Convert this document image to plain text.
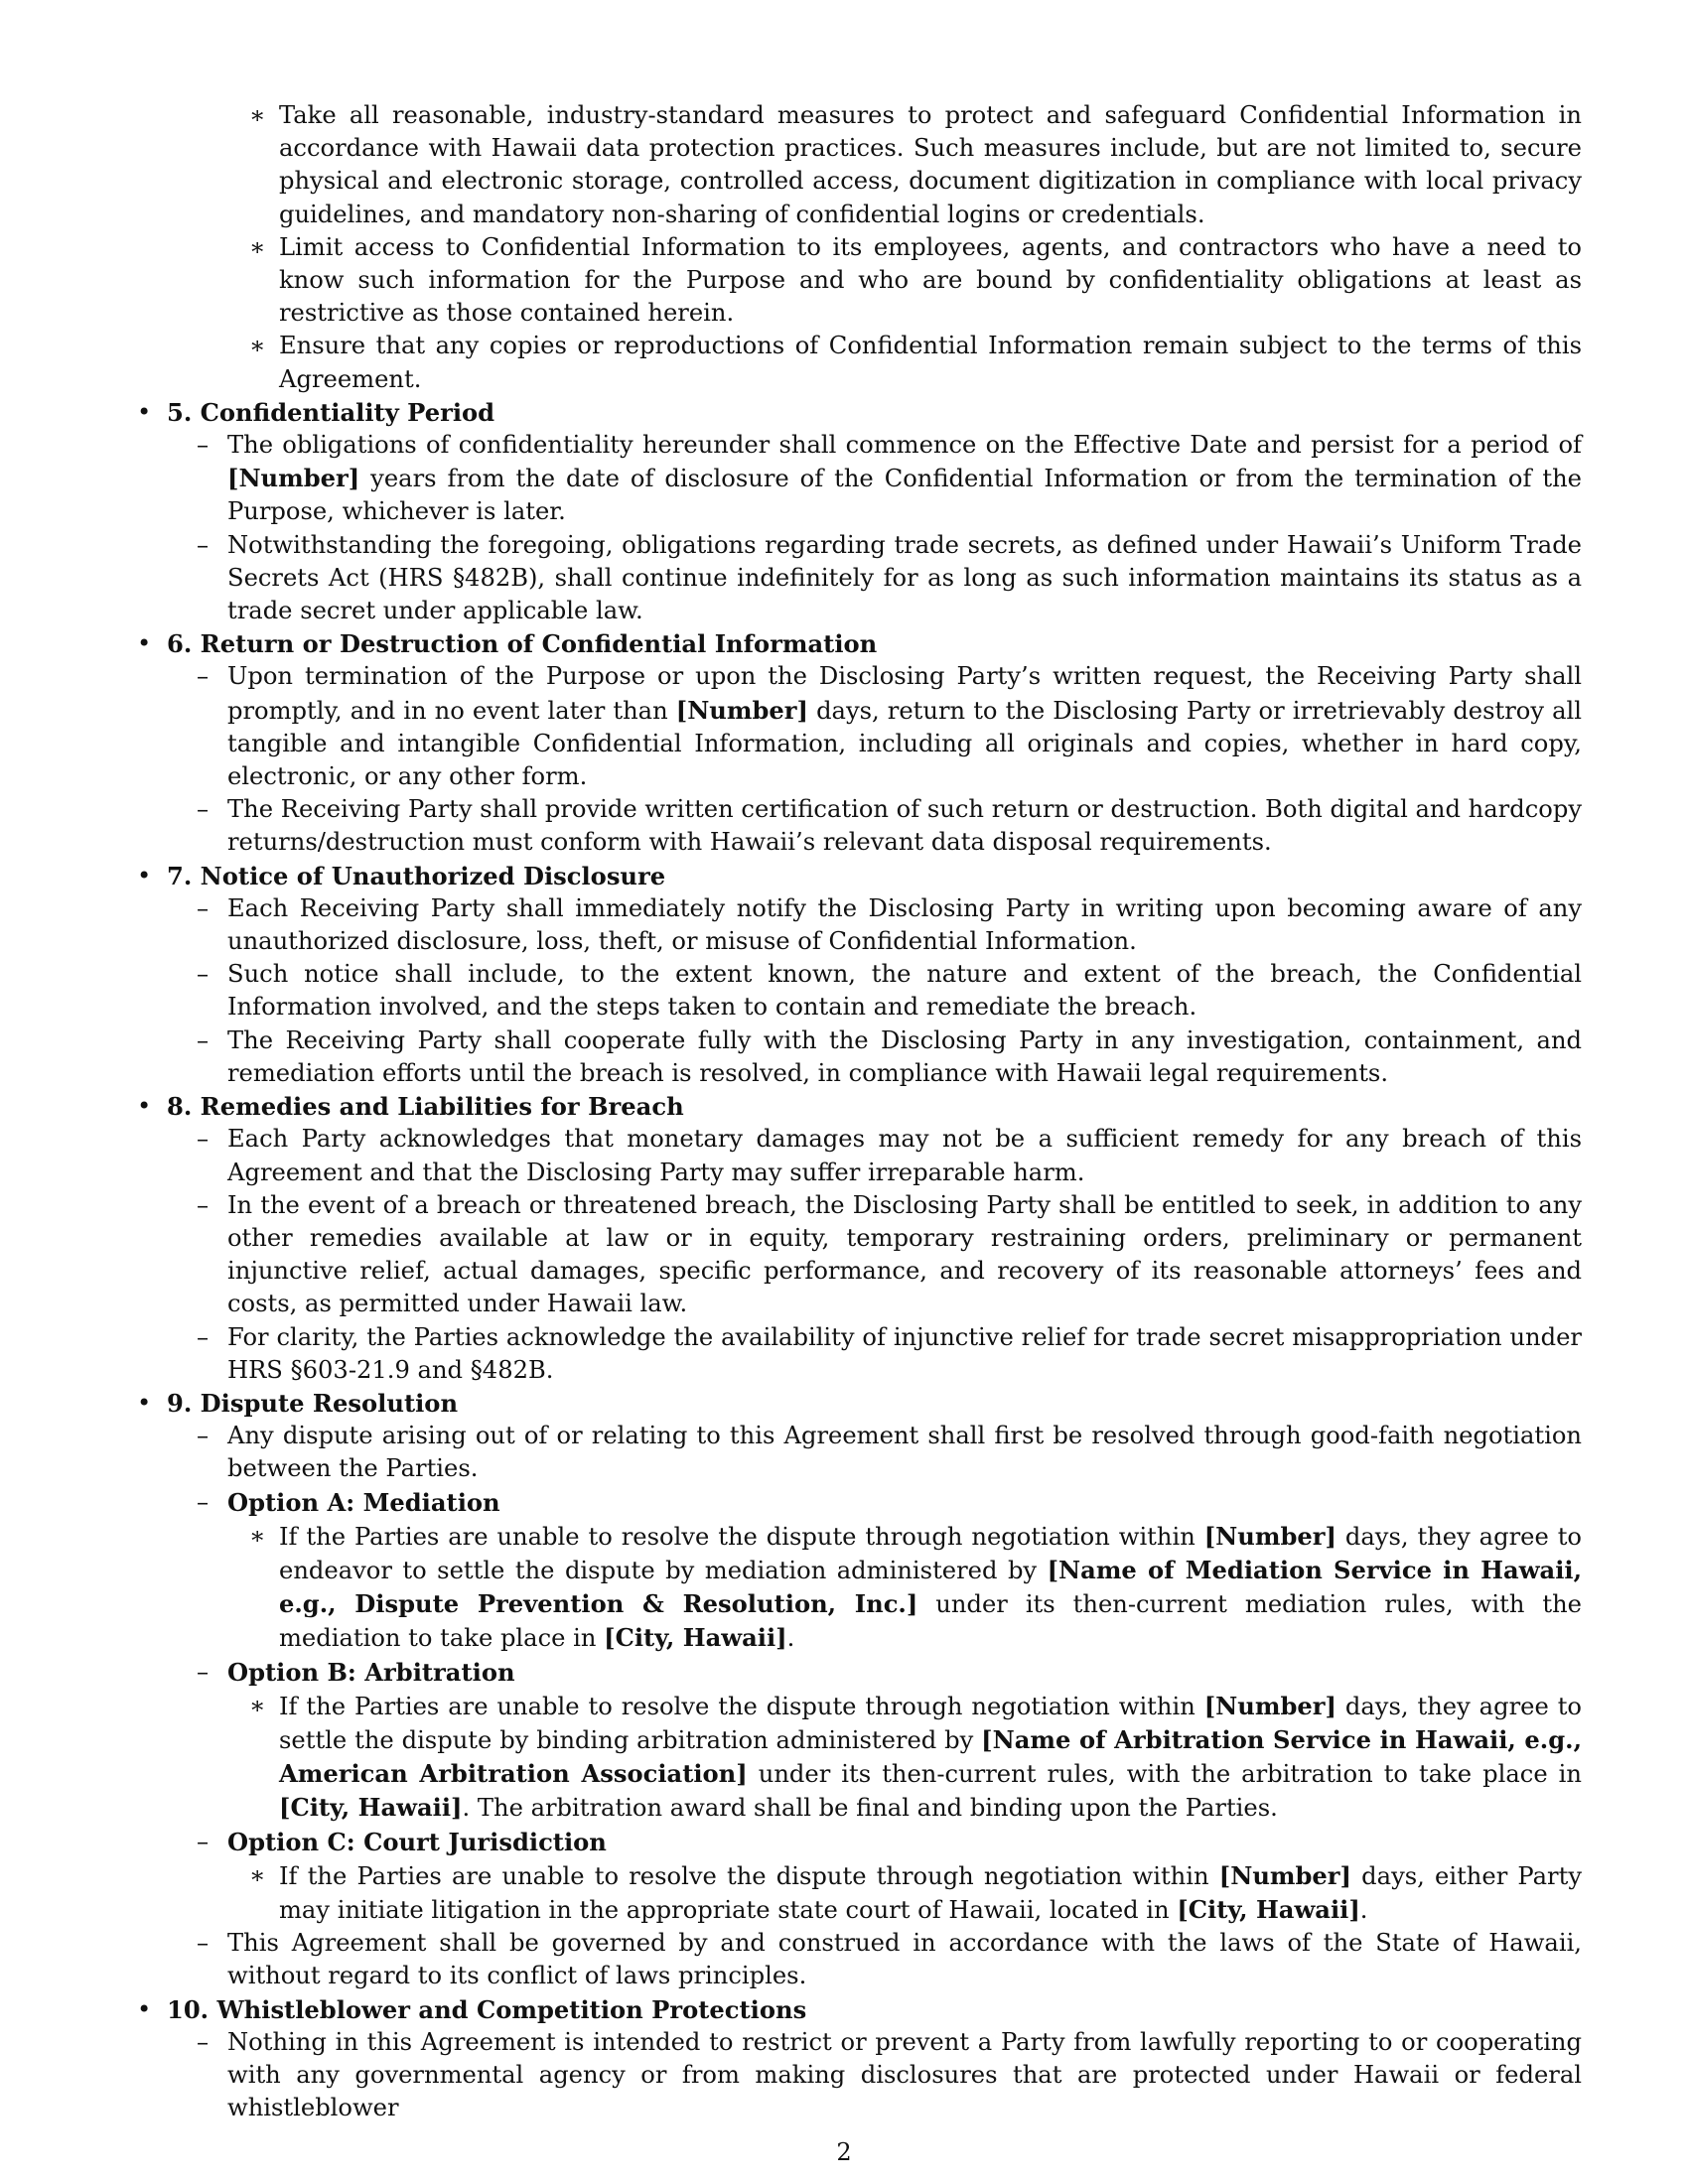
∗ Take all reasonable, industry-standard measures to protect and safeguard Confidential Information in accordance with Hawaii data protection practices. Such measures include, but are not limited to, secure physical and electronic storage, controlled access, document digitization in compliance with local privacy guidelines, and mandatory non-sharing of confidential logins or credentials.
∗ Limit access to Confidential Information to its employees, agents, and contractors who have a need to know such information for the Purpose and who are bound by confidentiality obligations at least as restrictive as those contained herein.
∗ Ensure that any copies or reproductions of Confidential Information remain subject to the terms of this Agreement.
• 5. Confidentiality Period
– The obligations of confidentiality hereunder shall commence on the Effective Date and persist for a period of [Number] years from the date of disclosure of the Confidential Information or from the termination of the Purpose, whichever is later.
– Notwithstanding the foregoing, obligations regarding trade secrets, as defined under Hawaii’s Uniform Trade Secrets Act (HRS §482B), shall continue indefinitely for as long as such information maintains its status as a trade secret under applicable law.
• 6. Return or Destruction of Confidential Information
– Upon termination of the Purpose or upon the Disclosing Party’s written request, the Receiving Party shall promptly, and in no event later than [Number] days, return to the Disclosing Party or irretrievably destroy all tangible and intangible Confidential Information, including all originals and copies, whether in hard copy, electronic, or any other form.
– The Receiving Party shall provide written certification of such return or destruction. Both digital and hardcopy returns/destruction must conform with Hawaii’s relevant data disposal requirements.
• 7. Notice of Unauthorized Disclosure
– Each Receiving Party shall immediately notify the Disclosing Party in writing upon becoming aware of any unauthorized disclosure, loss, theft, or misuse of Confidential Information.
– Such notice shall include, to the extent known, the nature and extent of the breach, the Confidential Information involved, and the steps taken to contain and remediate the breach.
– The Receiving Party shall cooperate fully with the Disclosing Party in any investigation, containment, and remediation efforts until the breach is resolved, in compliance with Hawaii legal requirements.
• 8. Remedies and Liabilities for Breach
– Each Party acknowledges that monetary damages may not be a sufficient remedy for any breach of this Agreement and that the Disclosing Party may suffer irreparable harm.
– In the event of a breach or threatened breach, the Disclosing Party shall be entitled to seek, in addition to any other remedies available at law or in equity, temporary restraining orders, preliminary or permanent injunctive relief, actual damages, specific performance, and recovery of its reasonable attorneys’ fees and costs, as permitted under Hawaii law.
– For clarity, the Parties acknowledge the availability of injunctive relief for trade secret misappropriation under HRS §603-21.9 and §482B.
• 9. Dispute Resolution
– Any dispute arising out of or relating to this Agreement shall first be resolved through good-faith negotiation between the Parties.
– Option A: Mediation
∗ If the Parties are unable to resolve the dispute through negotiation within [Number] days, they agree to endeavor to settle the dispute by mediation administered by [Name of Mediation Service in Hawaii, e.g., Dispute Prevention & Resolution, Inc.] under its then-current mediation rules, with the mediation to take place in [City, Hawaii].
– Option B: Arbitration
∗ If the Parties are unable to resolve the dispute through negotiation within [Number] days, they agree to settle the dispute by binding arbitration administered by [Name of Arbitration Service in Hawaii, e.g., American Arbitration Association] under its then-current rules, with the arbitration to take place in [City, Hawaii]. The arbitration award shall be final and binding upon the Parties.
– Option C: Court Jurisdiction
∗ If the Parties are unable to resolve the dispute through negotiation within [Number] days, either Party may initiate litigation in the appropriate state court of Hawaii, located in [City, Hawaii].
– This Agreement shall be governed by and construed in accordance with the laws of the State of Hawaii, without regard to its conflict of laws principles.
• 10. Whistleblower and Competition Protections
– Nothing in this Agreement is intended to restrict or prevent a Party from lawfully reporting to or cooperating with any governmental agency or from making disclosures that are protected under Hawaii or federal whistleblower
2
